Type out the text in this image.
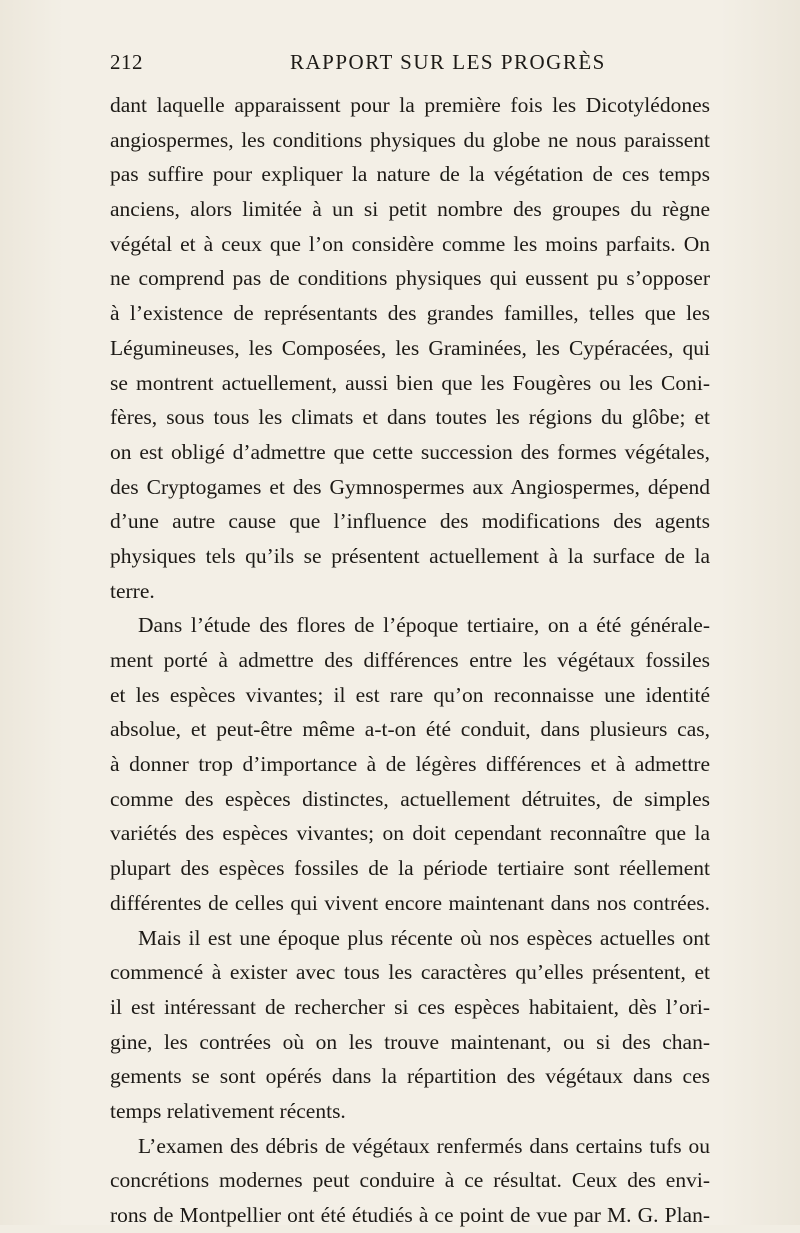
212	RAPPORT SUR LES PROGRÈS
dant laquelle apparaissent pour la première fois les Dicotylédones
angiospermes, les conditions physiques du globe ne nous paraissent
pas suffire pour expliquer la nature de la végétation de ces temps
anciens, alors limitée à un si petit nombre des groupes du règne
végétal et à ceux que l’on considère comme les moins parfaits. On
ne comprend pas de conditions physiques qui eussent pu s’opposer
à l’existence de représentants des grandes familles, telles que les
Légumineuses, les Composées, les Graminées, les Cypéracées, qui
se montrent actuellement, aussi bien que les Fougères ou les Coni-
fères, sous tous les climats et dans toutes les régions du glôbe; et
on est obligé d’admettre que cette succession des formes végétales,
des Cryptogames et des Gymnospermes aux Angiospermes, dépend
d’une autre cause que l’influence des modifications des agents
physiques tels qu’ils se présentent actuellement à la surface de la
terre.
Dans l’étude des flores de l’époque tertiaire, on a été générale-
ment porté à admettre des différences entre les végétaux fossiles
et les espèces vivantes; il est rare qu’on reconnaisse une identité
absolue, et peut-être même a-t-on été conduit, dans plusieurs cas,
à donner trop d’importance à de légères différences et à admettre
comme des espèces distinctes, actuellement détruites, de simples
variétés des espèces vivantes; on doit cependant reconnaître que la
plupart des espèces fossiles de la période tertiaire sont réellement
différentes de celles qui vivent encore maintenant dans nos contrées.
Mais il est une époque plus récente où nos espèces actuelles ont
commencé à exister avec tous les caractères qu’elles présentent, et
il est intéressant de rechercher si ces espèces habitaient, dès l’ori-
gine, les contrées où on les trouve maintenant, ou si des chan-
gements se sont opérés dans la répartition des végétaux dans ces
temps relativement récents.
L’examen des débris de végétaux renfermés dans certains tufs ou
concrétions modernes peut conduire à ce résultat. Ceux des envi-
rons de Montpellier ont été étudiés à ce point de vue par M. G. Plan-
